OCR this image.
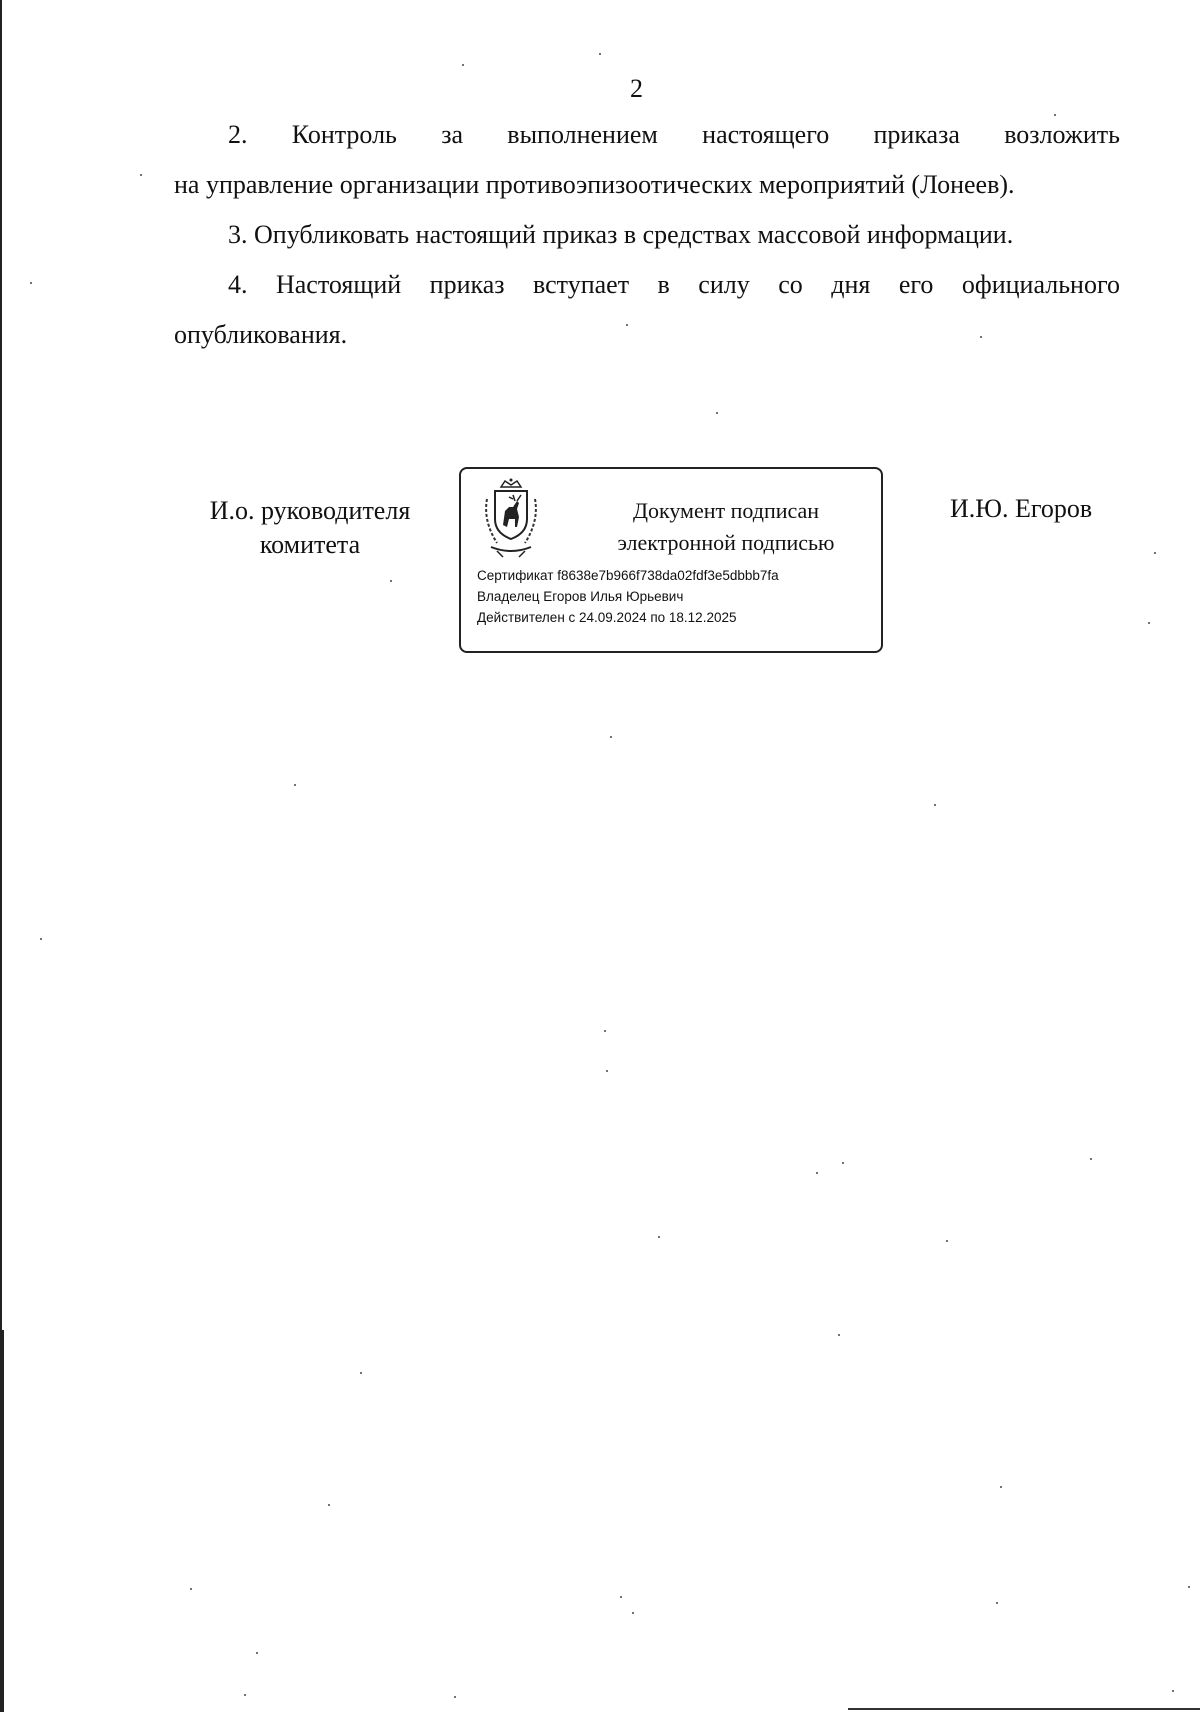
2
2. Контроль за выполнением настоящего приказа возложить
на управление организации противоэпизоотических мероприятий (Лонеев).
3. Опубликовать настоящий приказ в средствах массовой информации.
4. Настоящий приказ вступает в силу со дня его официального
опубликования.
И.о. руководителя
комитета
Документ подписан
электронной подписью
Сертификат f8638e7b966f738da02fdf3e5dbbb7fa
Владелец Егоров Илья Юрьевич
Действителен с 24.09.2024 по 18.12.2025
И.Ю. Егоров
